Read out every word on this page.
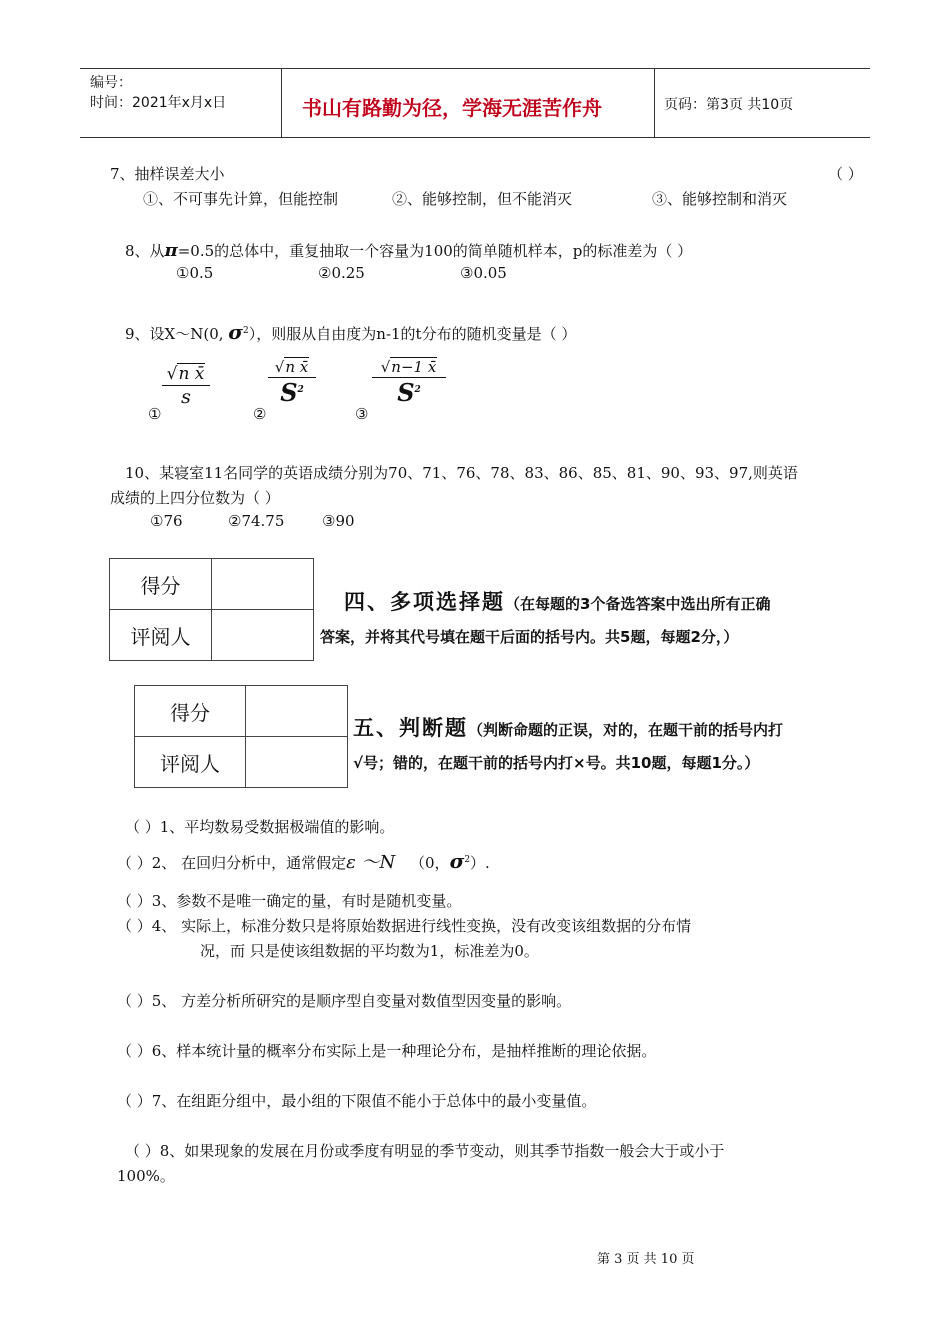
编号：
时间：2021年x月x日	书山有路勤为径，学海无涯苦作舟	页码：第3页 共10页
7、抽样误差大小	（ ）
①、不可事先计算，但能控制	②、能够控制，但不能消灭	③、能够控制和消灭
8、从π=0.5的总体中，重复抽取一个容量为100的简单随机样本，p的标准差为（ ）
①0.5	②0.25	③0.05
9、设X～N(0, $\sigma^2$），则服从自由度为n-1的t分布的随机变量是（ ）
①
√n x̄
s
②
√n x̄
$S^2$
③
√n−1 x̄
$S^2$
10、某寝室11名同学的英语成绩分别为70、71、76、78、83、86、85、81、90、93、97,则英语
成绩的上四分位数为（ ）
①76	②74.75	③90
得分	
评阅人	
四、多项选择题（在每题的3个备选答案中选出所有正确
答案，并将其代号填在题干后面的括号内。共5题，每题2分，）
得分	
评阅人	
五、判断题（判断命题的正误，对的，在题干前的括号内打
√号；错的，在题干前的括号内打×号。共10题，每题1分。）
（ ）1、平均数易受数据极端值的影响。
（ ）2、 在回归分析中，通常假定ε ～N （0，$\sigma^2$）.
（ ）3、参数不是唯一确定的量，有时是随机变量。
（ ）4、 实际上，标准分数只是将原始数据进行线性变换，没有改变该组数据的分布情
况，而 只是使该组数据的平均数为1，标准差为0。
（ ）5、 方差分析所研究的是顺序型自变量对数值型因变量的影响。
（ ）6、样本统计量的概率分布实际上是一种理论分布，是抽样推断的理论依据。
（ ）7、在组距分组中，最小组的下限值不能小于总体中的最小变量值。
（ ）8、如果现象的发展在月份或季度有明显的季节变动，则其季节指数一般会大于或小于
100%。
第 3 页 共 10 页
